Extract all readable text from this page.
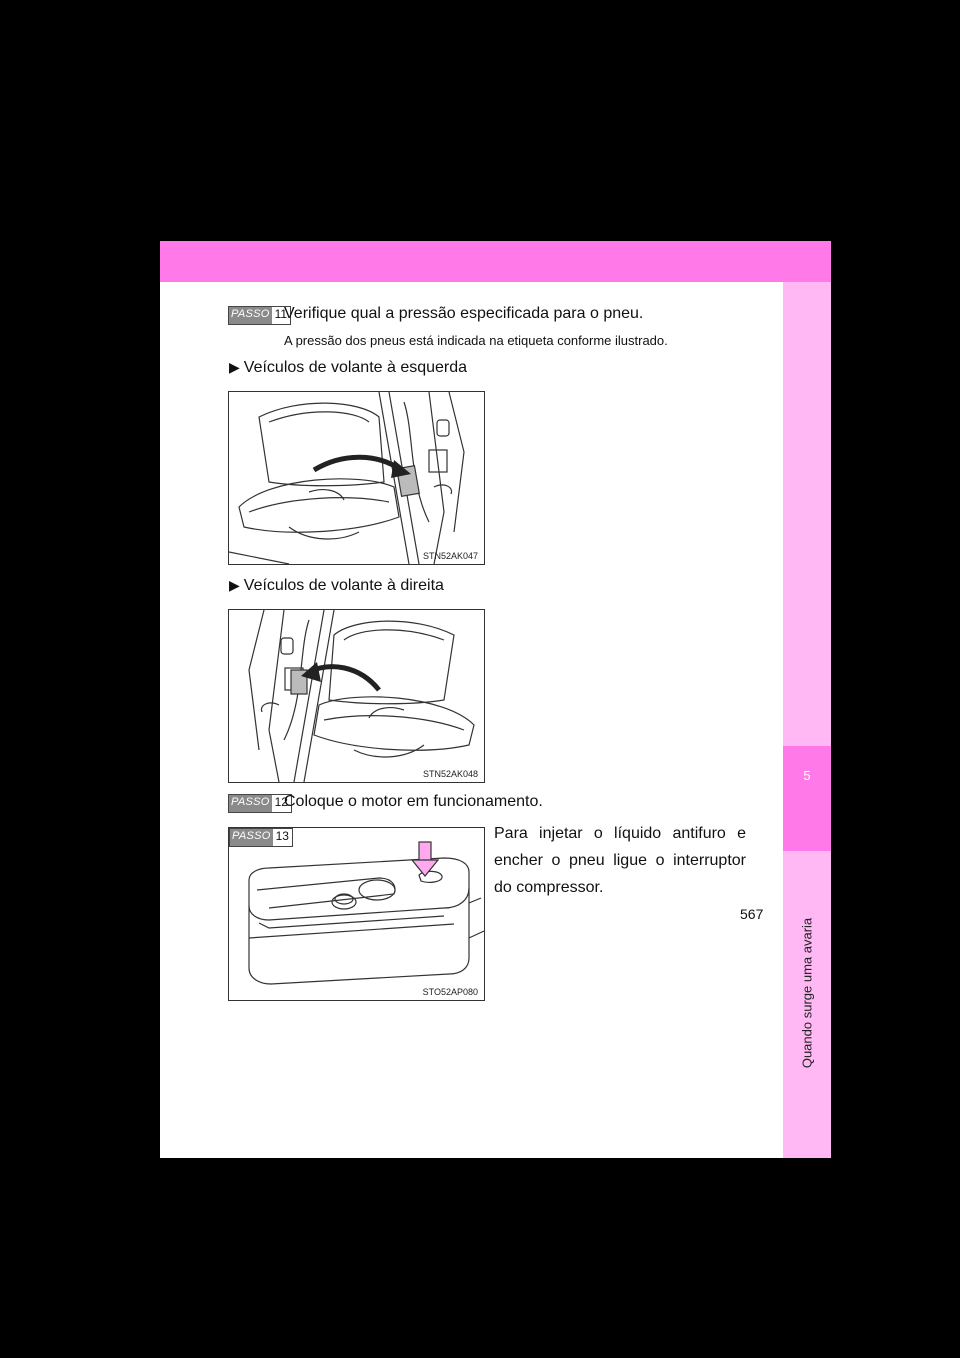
5
Quando surge uma avaria
PASSO 11
Verifique qual a pressão especificada para o pneu.
A pressão dos pneus está indicada na etiqueta conforme ilustrado.
▶ Veículos de volante à esquerda
STN52AK047
▶ Veículos de volante à direita
STN52AK048
PASSO 12
Coloque o motor em funcionamento.
PASSO 13
STO52AP080
Para injetar o líquido antifuro e encher o pneu ligue o interruptor do compressor.
567
